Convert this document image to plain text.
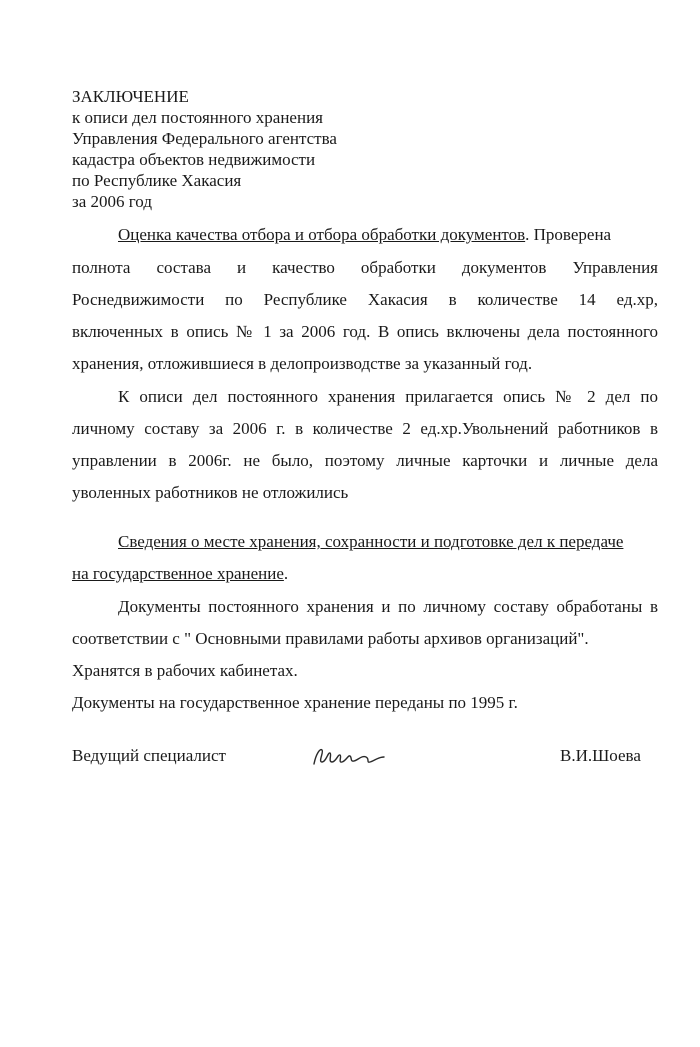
ЗАКЛЮЧЕНИЕ
к описи дел постоянного хранения
Управления Федерального агентства
кадастра объектов недвижимости
по Республике Хакасия
за 2006 год
Оценка качества отбора и отбора обработки документов. Проверена
полнота состава и качество обработки документов Управления
Роснедвижимости по Республике Хакасия в количестве 14 ед.хр,
включенных в опись № 1 за 2006 год. В опись включены дела постоянного
хранения, отложившиеся в делопроизводстве за указанный год.
К описи дел постоянного хранения прилагается опись № 2 дел по
личному составу за 2006 г. в количестве 2 ед.хр.Увольнений работников в
управлении в 2006г. не было, поэтому личные карточки и личные дела
уволенных работников не отложились
Сведения о месте хранения, сохранности и подготовке дел к передаче
на государственное хранение.
Документы постоянного хранения и по личному составу обработаны в
соответствии с " Основными правилами работы архивов организаций".
Хранятся в рабочих кабинетах.
Документы на государственное хранение переданы по 1995 г.
Ведущий специалист	В.И.Шоева
